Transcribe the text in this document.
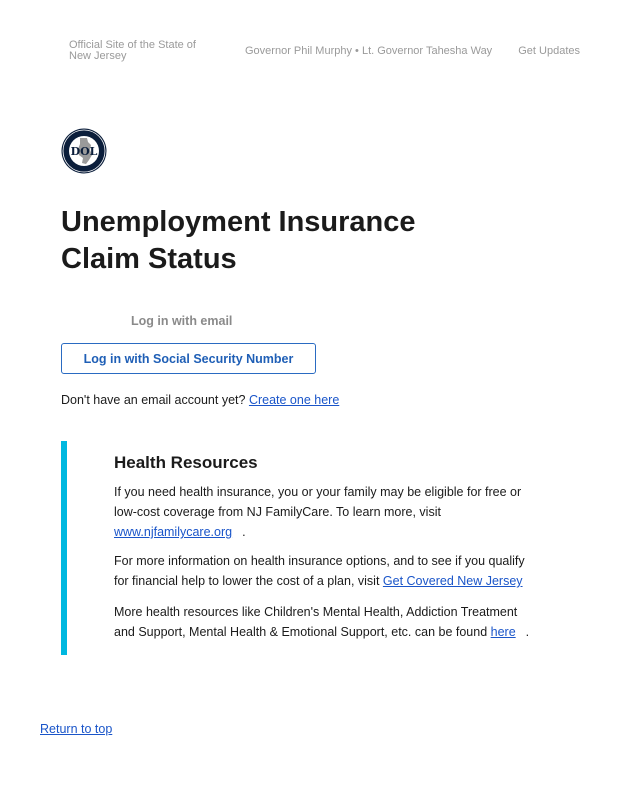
Official Site of the State of New Jersey	Governor Phil Murphy • Lt. Governor Tahesha Way Get Updates
DOL
Unemployment Insurance Claim Status
Log in with email
Log in with Social Security Number
Don't have an email account yet? Create one here
Health Resources

If you need health insurance, you or your family may be eligible for free or low-cost coverage from NJ FamilyCare. To learn more, visit www.njfamilycare.org .

For more information on health insurance options, and to see if you qualify for financial help to lower the cost of a plan, visit Get Covered New Jersey

More health resources like Children's Mental Health, Addiction Treatment and Support, Mental Health & Emotional Support, etc. can be found here .

Return to top
